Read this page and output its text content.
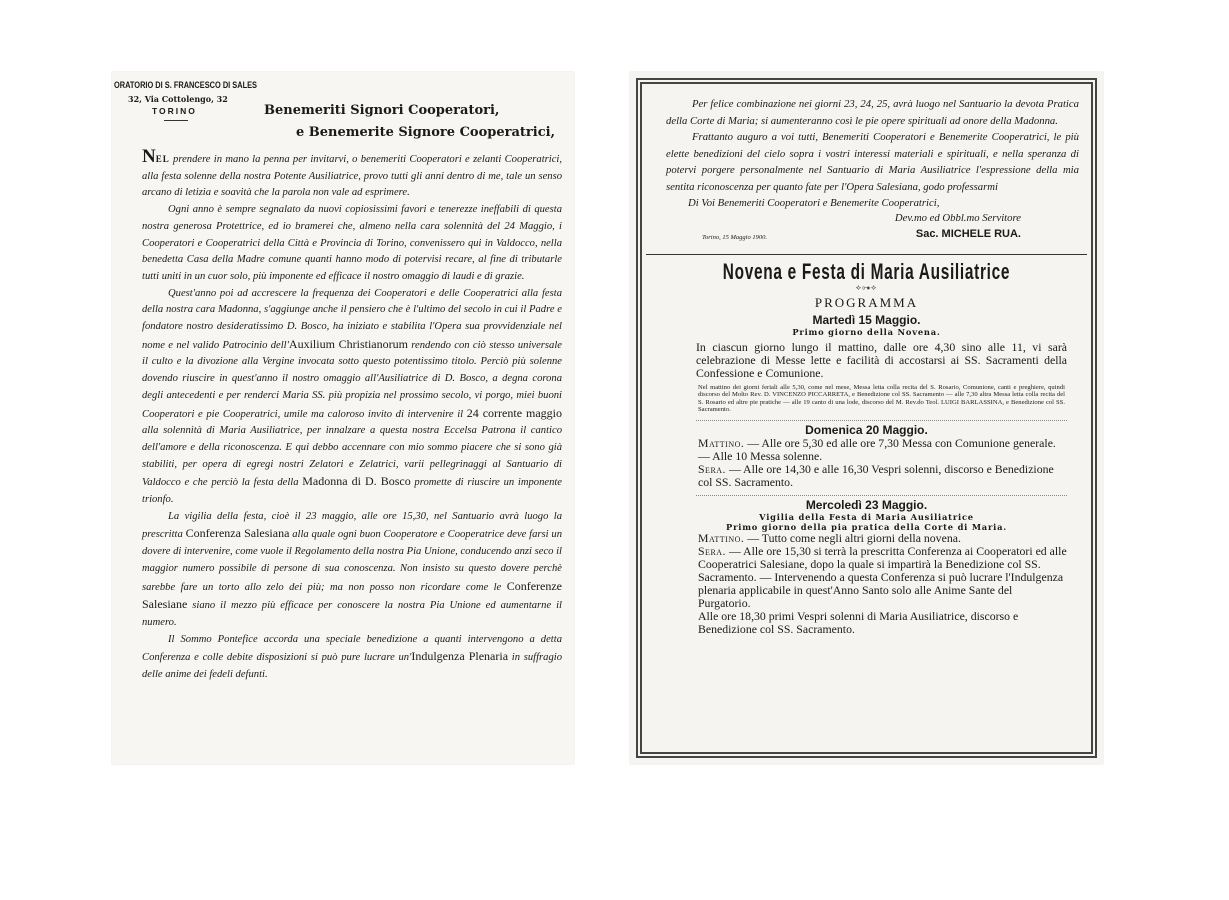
ORATORIO DI S. FRANCESCO DI SALES
32, Via Cottolengo, 32
TORINO	Benemeriti Signori Cooperatori,
e Benemerite Signore Cooperatrici,

NEL prendere in mano la penna per invitarvi, o benemeriti Cooperatori e zelanti Cooperatrici, alla festa solenne della nostra Potente Ausiliatrice, provo tutti gli anni dentro di me, tale un senso arcano di letizia e soavità che la parola non vale ad esprimere.

Ogni anno è sempre segnalato da nuovi copiosissimi favori e tenerezze ineffabili di questa nostra generosa Protettrice, ed io bramerei che, almeno nella cara solennità del 24 Maggio, i Cooperatori e Cooperatrici della Città e Provincia di Torino, convenissero qui in Valdocco, nella benedetta Casa della Madre comune quanti hanno modo di potervisi recare, al fine di tributarle tutti uniti in un cuor solo, più imponente ed efficace il nostro omaggio di laudi e di grazie.

Quest'anno poi ad accrescere la frequenza dei Cooperatori e delle Cooperatrici alla festa della nostra cara Madonna, s'aggiunge anche il pensiero che è l'ultimo del secolo in cui il Padre e fondatore nostro desideratissimo D. Bosco, ha iniziato e stabilita l'Opera sua provvidenziale nel nome e nel valido Patrocinio dell'Auxilium Christianorum rendendo con ciò stesso universale il culto e la divozione alla Vergine invocata sotto questo potentissimo titolo. Perciò più solenne dovendo riuscire in quest'anno il nostro omaggio all'Ausiliatrice di D. Bosco, a degna corona degli antecedenti e per renderci Maria SS. più propizia nel prossimo secolo, vi porgo, miei buoni Cooperatori e pie Cooperatrici, umile ma caloroso invito di intervenire il 24 corrente maggio alla solennità di Maria Ausiliatrice, per innalzare a questa nostra Eccelsa Patrona il cantico dell'amore e della riconoscenza. E qui debbo accennare con mio sommo piacere che si sono già stabiliti, per opera di egregi nostri Zelatori e Zelatrici, varii pellegrinaggi al Santuario di Valdocco e che perciò la festa della Madonna di D. Bosco promette di riuscire un imponente trionfo.

La vigilia della festa, cioè il 23 maggio, alle ore 15,30, nel Santuario avrà luogo la prescritta Conferenza Salesiana alla quale ogni buon Cooperatore e Cooperatrice deve farsi un dovere di intervenire, come vuole il Regolamento della nostra Pia Unione, conducendo anzi seco il maggior numero possibile di persone di sua conoscenza. Non insisto su questo dovere perchè sarebbe fare un torto allo zelo dei più; ma non posso non ricordare come le Conferenze Salesiane siano il mezzo più efficace per conoscere la nostra Pia Unione ed aumentarne il numero.

Il Sommo Pontefice accorda una speciale benedizione a quanti intervengono a detta Conferenza e colle debite disposizioni si può pure lucrare un'Indulgenza Plenaria in suffragio delle anime dei fedeli defunti.

Per felice combinazione nei giorni 23, 24, 25, avrà luogo nel Santuario la devota Pratica della Corte di Maria; si aumenteranno così le pie opere spirituali ad onore della Madonna.

Frattanto auguro a voi tutti, Benemeriti Cooperatori e Benemerite Cooperatrici, le più elette benedizioni del cielo sopra i vostri interessi materiali e spirituali, e nella speranza di potervi porgere personalmente nel Santuario di Maria Ausiliatrice l'espressione della mia sentita riconoscenza per quanto fate per l'Opera Salesiana, godo professarmi

Di Voi Benemeriti Cooperatori e Benemerite Cooperatrici,

Dev.mo ed Obbl.mo Servitore
Torino, 15 Maggio 1900.	Sac. MICHELE RUA.
Novena e Festa di Maria Ausiliatrice
⟡⊶⟡
PROGRAMMA
Martedì 15 Maggio.
Primo giorno della Novena.
In ciascun giorno lungo il mattino, dalle ore 4,30 sino alle 11, vi sarà celebrazione di Messe lette e facilità di accostarsi ai SS. Sacramenti della Confessione e Comunione.
Nel mattino dei giorni feriali alle 5,30, come nel mese, Messa letta colla recita del S. Rosario, Comunione, canti e preghiere, quindi discorso del Molto Rev. D. VINCENZO PICCARRETA, e Benedizione col SS. Sacramento — alle 7,30 altra Messa letta colla recita del S. Rosario ed altre pie pratiche — alle 19 canto di una lode, discorso del M. Rev.do Teol. LUIGI BARLASSINA, e Benedizione col SS. Sacramento.
Domenica 20 Maggio.
Mattino. — Alle ore 5,30 ed alle ore 7,30 Messa con Comunione generale. — Alle 10 Messa solenne.
Sera. — Alle ore 14,30 e alle 16,30 Vespri solenni, discorso e Benedizione col SS. Sacramento.
Mercoledì 23 Maggio.
Vigilia della Festa di Maria Ausiliatrice
Primo giorno della pia pratica della Corte di Maria.
Mattino. — Tutto come negli altri giorni della novena.
Sera. — Alle ore 15,30 si terrà la prescritta Conferenza ai Cooperatori ed alle Cooperatrici Salesiane, dopo la quale si impartirà la Benedizione col SS. Sacramento. — Intervenendo a questa Conferenza si può lucrare l'Indulgenza plenaria applicabile in quest'Anno Santo solo alle Anime Sante del Purgatorio.
Alle ore 18,30 primi Vespri solenni di Maria Ausiliatrice, discorso e Benedizione col SS. Sacramento.
